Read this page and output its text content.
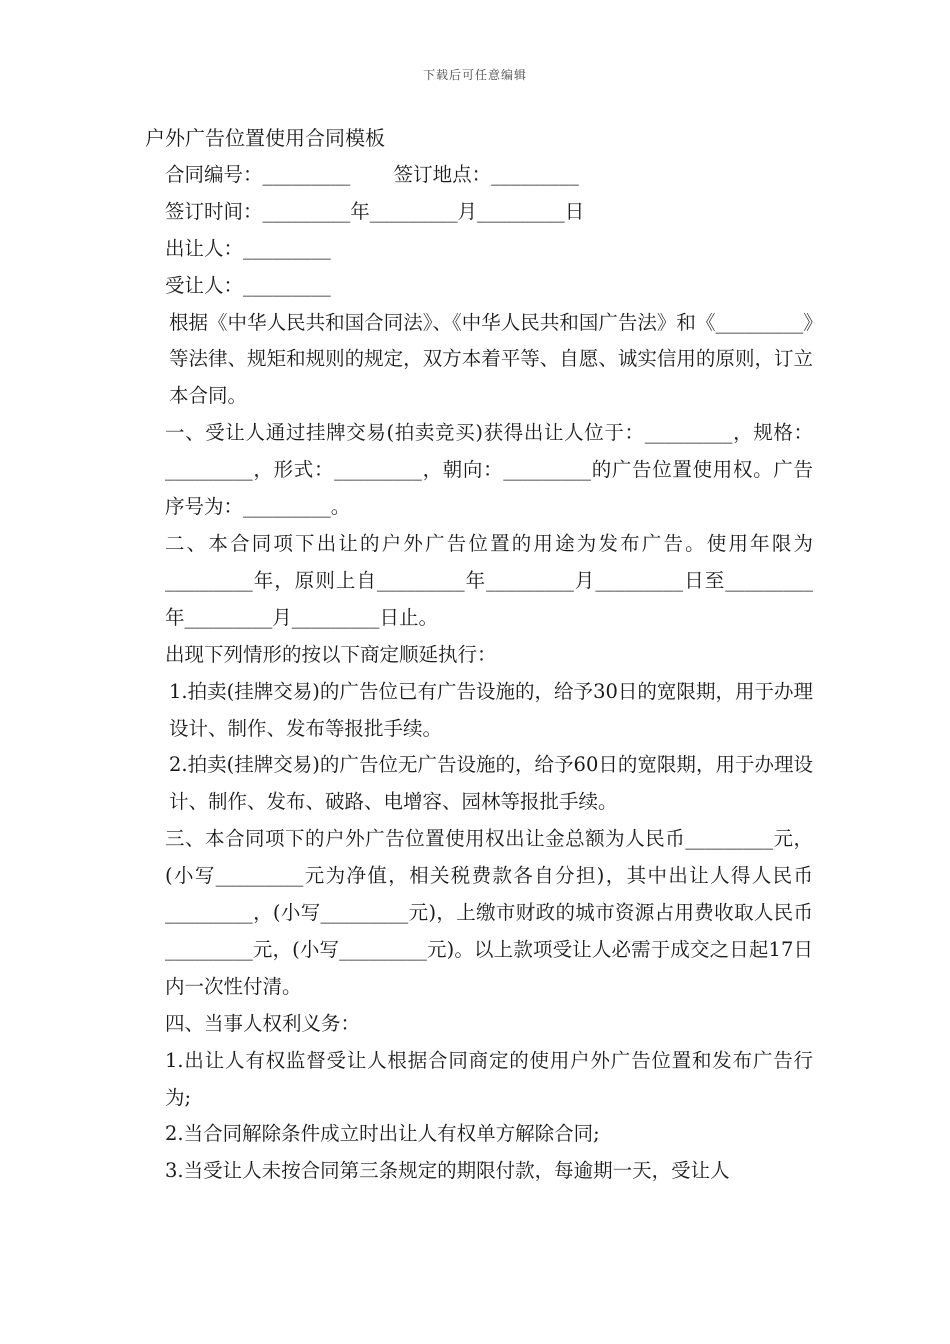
下载后可任意编辑

户外广告位置使用合同模板

合同编号：_________       签订地点：_________

签订时间：_________年_________月_________日

出让人：_________

受让人：_________

根据《中华人民共和国合同法》、《中华人民共和国广告法》和《_________》等法律、规矩和规则的规定，双方本着平等、自愿、诚实信用的原则，订立本合同。

一、受让人通过挂牌交易(拍卖竞买)获得出让人位于：_________，规格：_________，形式：_________，朝向：_________的广告位置使用权。广告序号为：_________。

二、本合同项下出让的户外广告位置的用途为发布广告。使用年限为_________年，原则上自_________年_________月_________日至_________年_________月_________日止。

出现下列情形的按以下商定顺延执行：

1.拍卖(挂牌交易)的广告位已有广告设施的，给予30日的宽限期，用于办理设计、制作、发布等报批手续。

2.拍卖(挂牌交易)的广告位无广告设施的，给予60日的宽限期，用于办理设计、制作、发布、破路、电增容、园林等报批手续。

三、本合同项下的户外广告位置使用权出让金总额为人民币_________元，(小写_________元为净值，相关税费款各自分担)，其中出让人得人民币_________，(小写_________元)，上缴市财政的城市资源占用费收取人民币_________元，(小写_________元)。以上款项受让人必需于成交之日起17日内一次性付清。

四、当事人权利义务：

1.出让人有权监督受让人根据合同商定的使用户外广告位置和发布广告行为;

2.当合同解除条件成立时出让人有权单方解除合同;

3.当受让人未按合同第三条规定的期限付款，每逾期一天，受让人
